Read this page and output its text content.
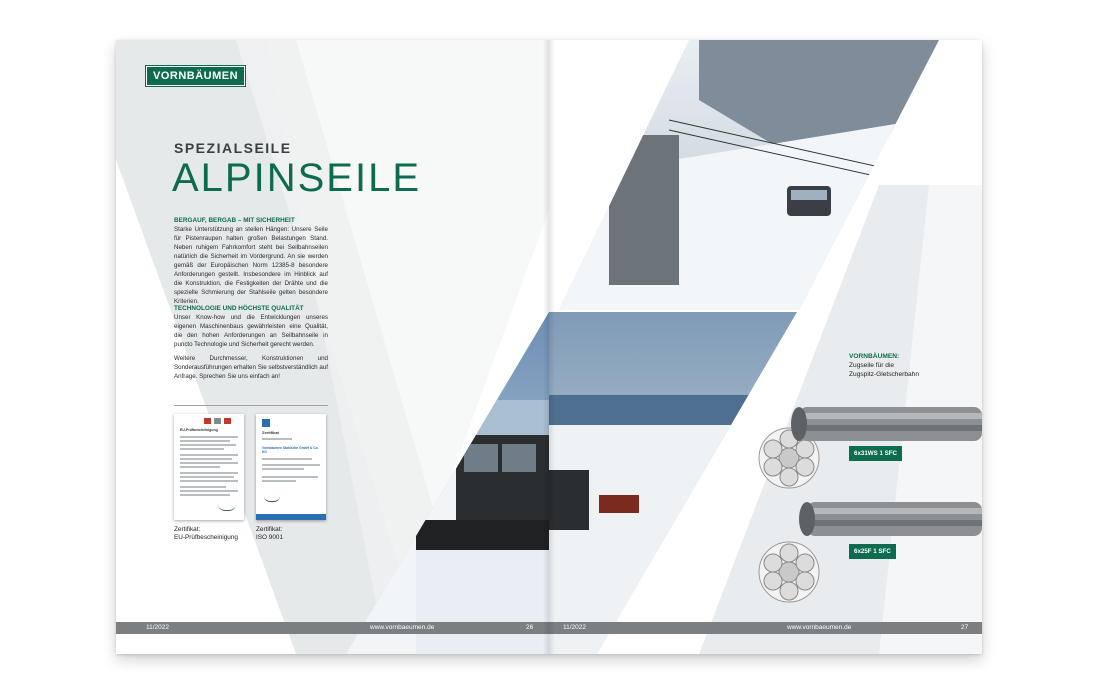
VORNBÄUMEN
SPEZIALSEILE
ALPINSEILE
BERGAUF, BERGAB – MIT SICHERHEIT

Starke Unterstützung an steilen Hängen: Unsere Seile für Pistenraupen halten großen Belastungen Stand. Neben ruhigem Fahrkomfort steht bei Seilbahnseilen natürlich die Sicherheit im Vordergrund. An sie werden gemäß der Europäischen Norm 12385-8 besondere Anforderungen gestellt. Insbesondere im Hinblick auf die Konstruktion, die Festigkeiten der Drähte und die spezielle Schmierung der Stahlseile gelten besondere Kriterien.

TECHNOLOGIE UND HÖCHSTE QUALITÄT

Unser Know-how und die Entwicklungen unseres eigenen Maschinenbaus gewährleisten eine Qualität, die den hohen Anforderungen an Seilbahnseile in puncto Technologie und Sicherheit gerecht werden.

Weitere Durchmesser, Konstruktionen und Sonderausführungen erhalten Sie selbstverständlich auf Anfrage. Sprechen Sie uns einfach an!

EU-Prüfbescheinigung
Zertifikat:
EU-Prüfbescheinigung
Zertifikat
Vornbäumen Stahlseile GmbH & Co. KG
Zertifikat:
ISO 9001
11/2022	www.vornbaeumen.de	26
VORNBÄUMEN:
Zugseile für die
Zugspitz-Gletscherbahn
6x31WS 1 SFC
6x25F 1 SFC
11/2022	www.vornbaeumen.de	27
